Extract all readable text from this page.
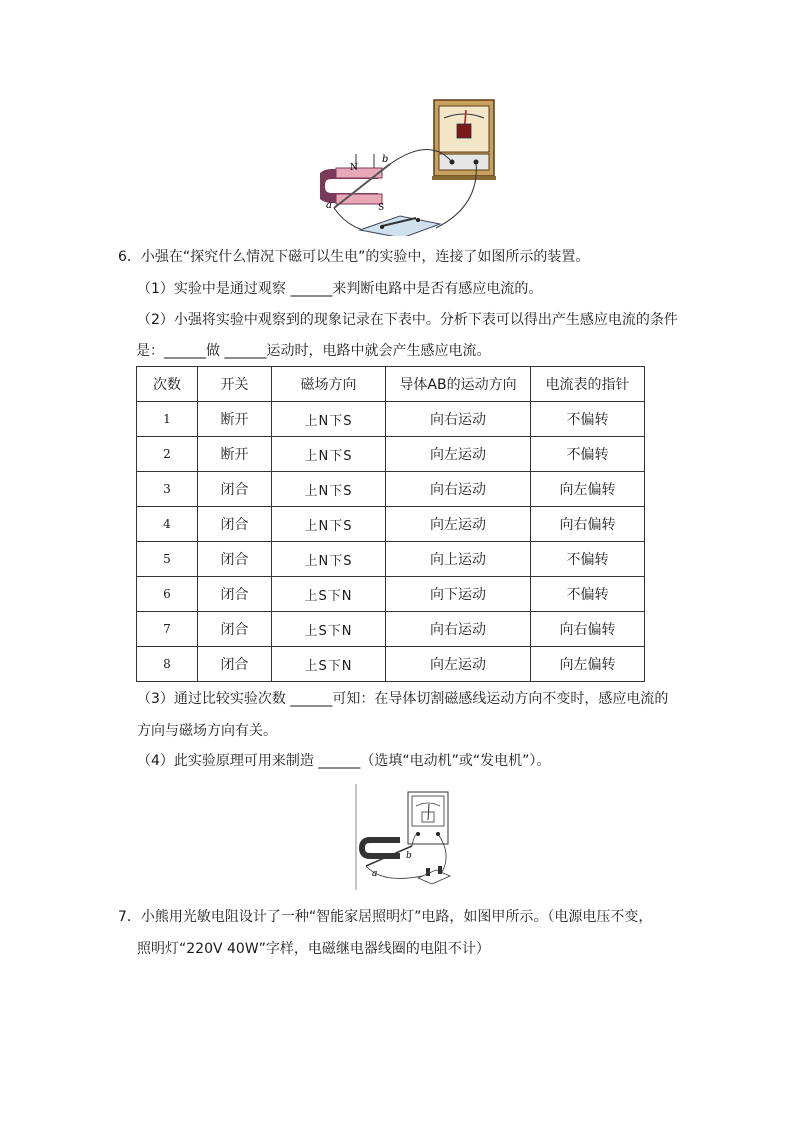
N
S
a
b
6．小强在“探究什么情况下磁可以生电”的实验中，连接了如图所示的装置。
（1）实验中是通过观察 ______来判断电路中是否有感应电流的。
（2）小强将实验中观察到的现象记录在下表中。分析下表可以得出产生感应电流的条件
是：______做 ______运动时，电路中就会产生感应电流。
次数	开关	磁场方向	导体AB的运动方向	电流表的指针
1	断开	上N下S	向右运动	不偏转
2	断开	上N下S	向左运动	不偏转
3	闭合	上N下S	向右运动	向左偏转
4	闭合	上N下S	向左运动	向右偏转
5	闭合	上N下S	向上运动	不偏转
6	闭合	上S下N	向下运动	不偏转
7	闭合	上S下N	向右运动	向右偏转
8	闭合	上S下N	向左运动	向左偏转
（3）通过比较实验次数 ______可知：在导体切割磁感线运动方向不变时，感应电流的
方向与磁场方向有关。
（4）此实验原理可用来制造 ______（选填“电动机”或“发电机”）。
a
b
7．小熊用光敏电阻设计了一种“智能家居照明灯”电路，如图甲所示。（电源电压不变，
照明灯“220V 40W”字样，电磁继电器线圈的电阻不计）
